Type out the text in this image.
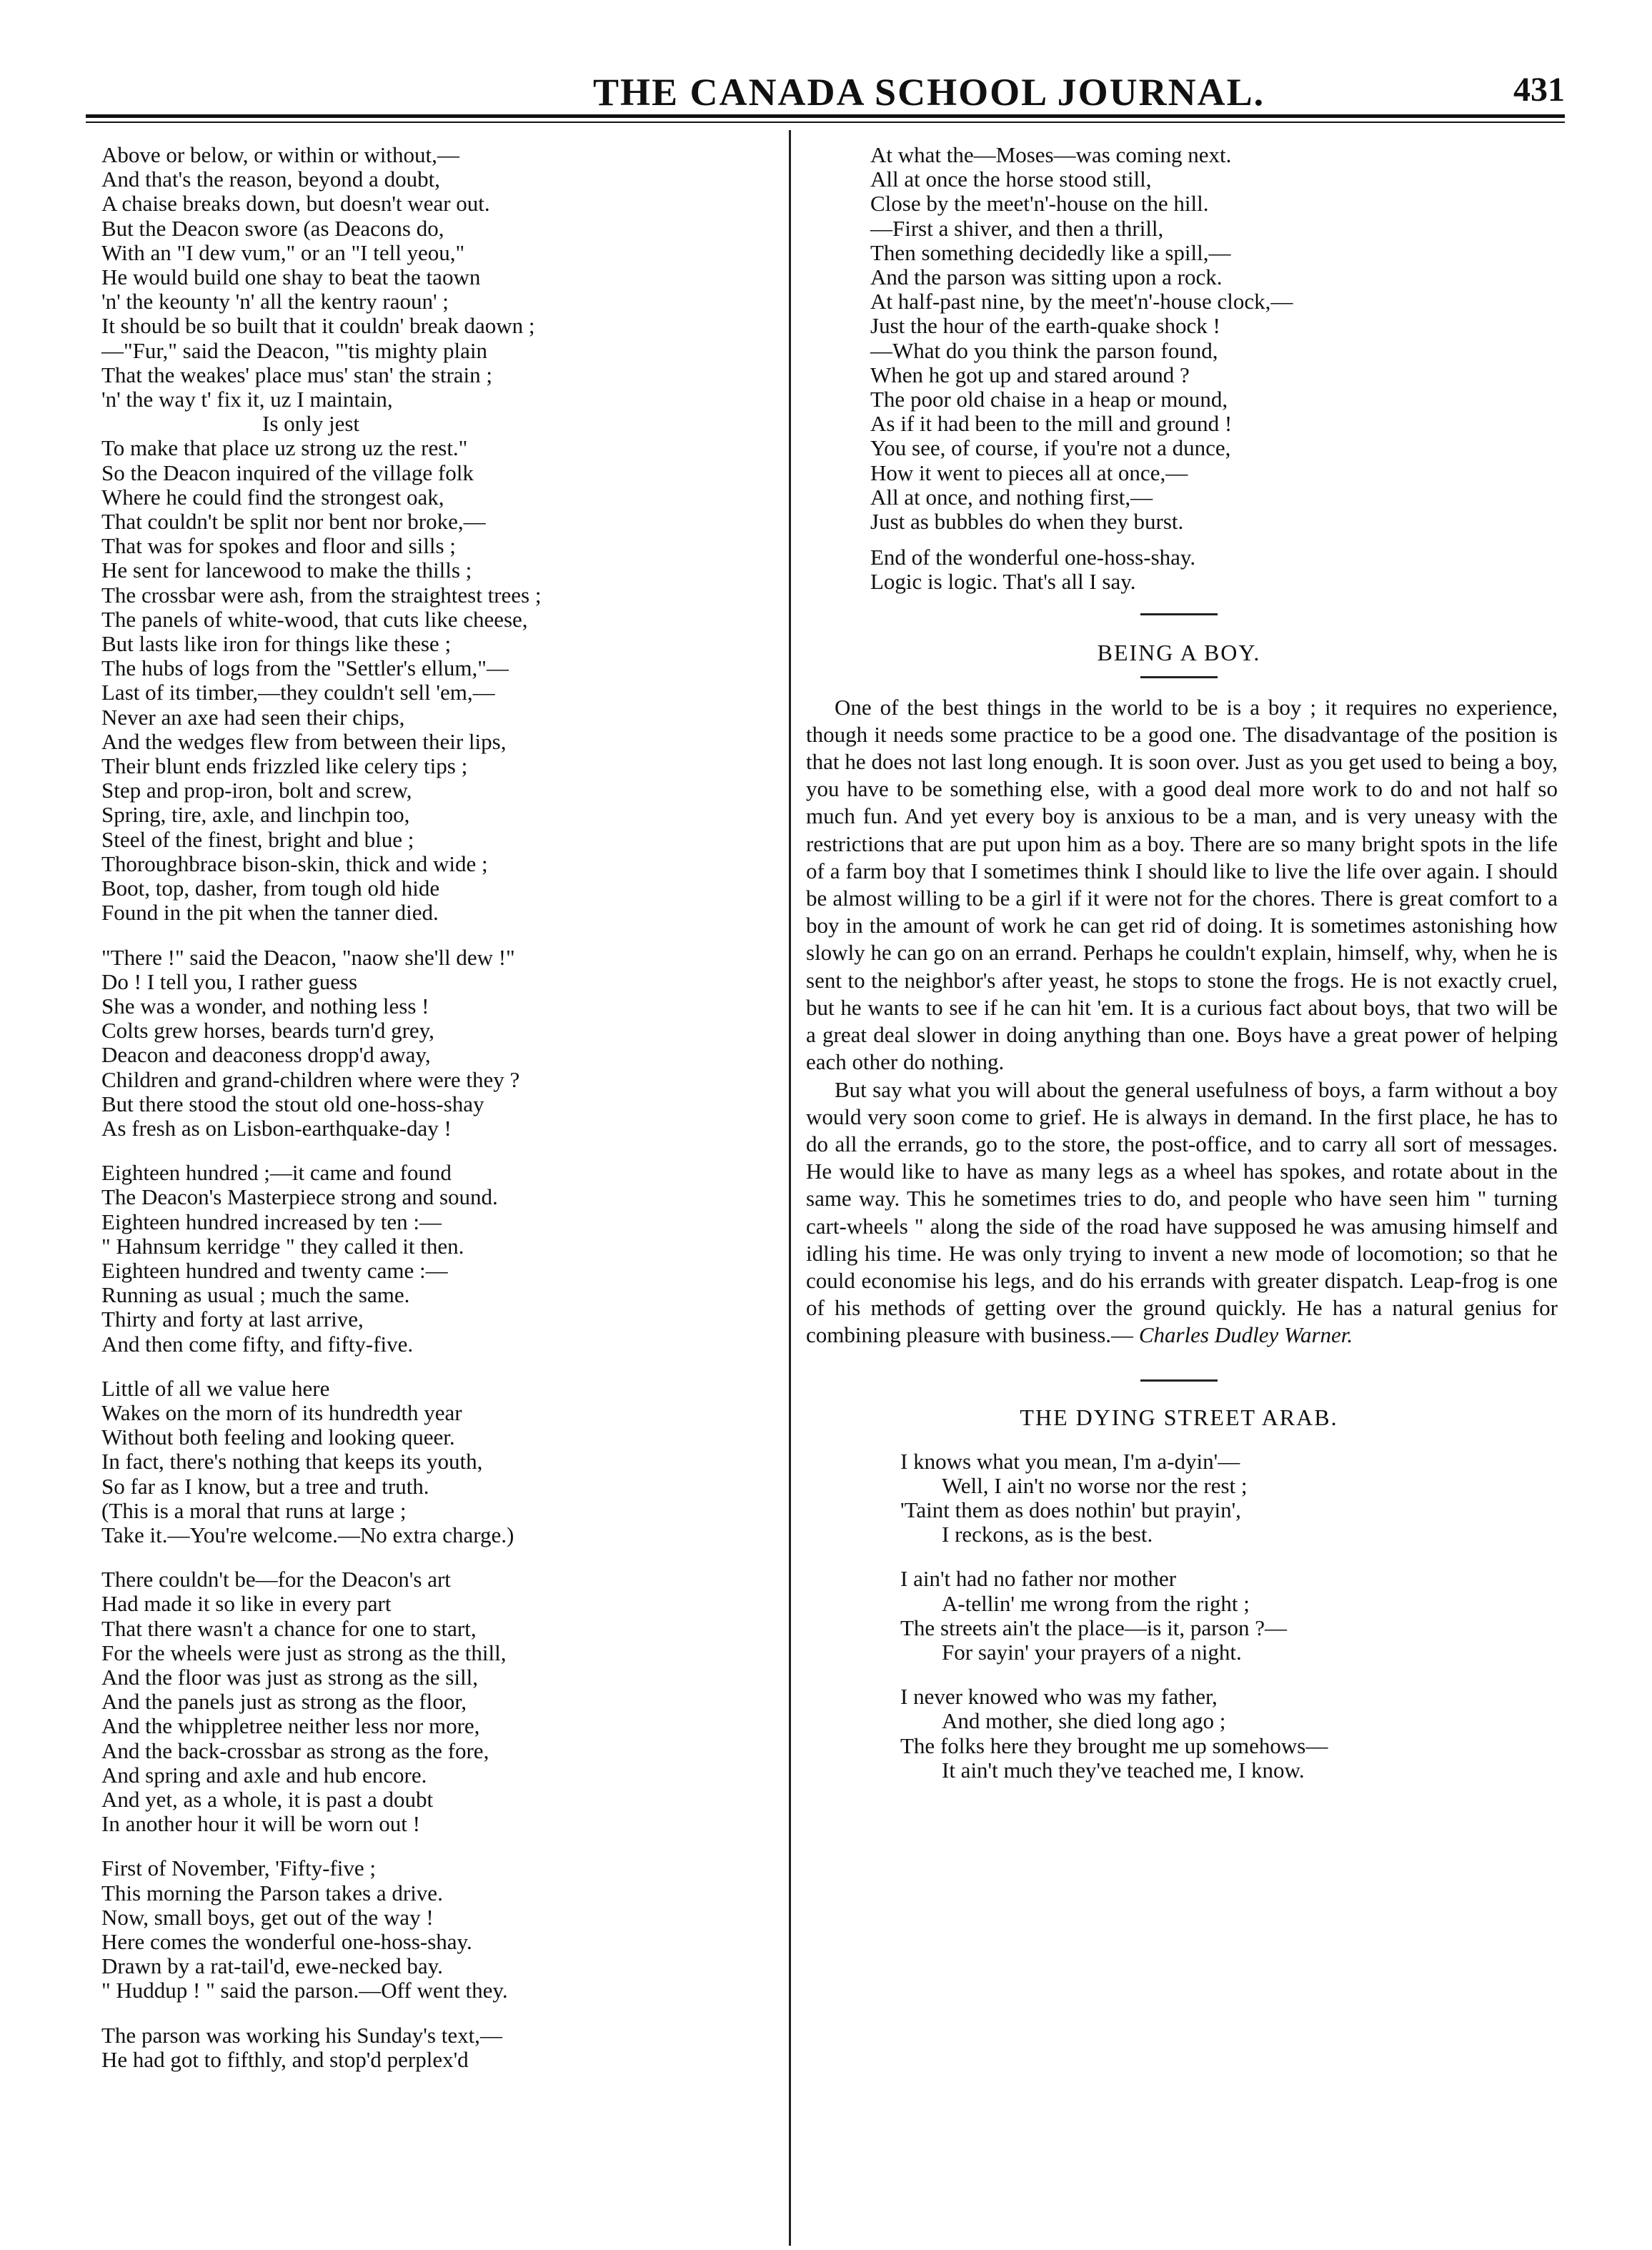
THE CANADA SCHOOL JOURNAL.	431
Above or below, or within or without,—
And that's the reason, beyond a doubt,
A chaise breaks down, but doesn't wear out.
But the Deacon swore (as Deacons do,
With an "I dew vum," or an "I tell yeou,"
He would build one shay to beat the taown
'n' the keounty 'n' all the kentry raoun' ;
It should be so built that it couldn' break daown ;
—"Fur," said the Deacon, "'tis mighty plain
That the weakes' place mus' stan' the strain ;
'n' the way t' fix it, uz I maintain,
Is only jest
To make that place uz strong uz the rest."
So the Deacon inquired of the village folk
Where he could find the strongest oak,
That couldn't be split nor bent nor broke,—
That was for spokes and floor and sills ;
He sent for lancewood to make the thills ;
The crossbar were ash, from the straightest trees ;
The panels of white-wood, that cuts like cheese,
But lasts like iron for things like these ;
The hubs of logs from the "Settler's ellum,"—
Last of its timber,—they couldn't sell 'em,—
Never an axe had seen their chips,
And the wedges flew from between their lips,
Their blunt ends frizzled like celery tips ;
Step and prop-iron, bolt and screw,
Spring, tire, axle, and linchpin too,
Steel of the finest, bright and blue ;
Thoroughbrace bison-skin, thick and wide ;
Boot, top, dasher, from tough old hide
Found in the pit when the tanner died.
"There !" said the Deacon, "naow she'll dew !"
Do ! I tell you, I rather guess
She was a wonder, and nothing less !
Colts grew horses, beards turn'd grey,
Deacon and deaconess dropp'd away,
Children and grand-children where were they ?
But there stood the stout old one-hoss-shay
As fresh as on Lisbon-earthquake-day !
Eighteen hundred ;—it came and found
The Deacon's Masterpiece strong and sound.
Eighteen hundred increased by ten :—
" Hahnsum kerridge " they called it then.
Eighteen hundred and twenty came :—
Running as usual ; much the same.
Thirty and forty at last arrive,
And then come fifty, and fifty-five.
Little of all we value here
Wakes on the morn of its hundredth year
Without both feeling and looking queer.
In fact, there's nothing that keeps its youth,
So far as I know, but a tree and truth.
(This is a moral that runs at large ;
Take it.—You're welcome.—No extra charge.)
There couldn't be—for the Deacon's art
Had made it so like in every part
That there wasn't a chance for one to start,
For the wheels were just as strong as the thill,
And the floor was just as strong as the sill,
And the panels just as strong as the floor,
And the whippletree neither less nor more,
And the back-crossbar as strong as the fore,
And spring and axle and hub encore.
And yet, as a whole, it is past a doubt
In another hour it will be worn out !
First of November, 'Fifty-five ;
This morning the Parson takes a drive.
Now, small boys, get out of the way !
Here comes the wonderful one-hoss-shay.
Drawn by a rat-tail'd, ewe-necked bay.
" Huddup ! " said the parson.—Off went they.
The parson was working his Sunday's text,—
He had got to fifthly, and stop'd perplex'd
At what the—Moses—was coming next.
All at once the horse stood still,
Close by the meet'n'-house on the hill.
—First a shiver, and then a thrill,
Then something decidedly like a spill,—
And the parson was sitting upon a rock.
At half-past nine, by the meet'n'-house clock,—
Just the hour of the earth-quake shock !
—What do you think the parson found,
When he got up and stared around ?
The poor old chaise in a heap or mound,
As if it had been to the mill and ground !
You see, of course, if you're not a dunce,
How it went to pieces all at once,—
All at once, and nothing first,—
Just as bubbles do when they burst.
End of the wonderful one-hoss-shay.
Logic is logic. That's all I say.
BEING A BOY.

One of the best things in the world to be is a boy ; it requires no experience, though it needs some practice to be a good one. The disadvantage of the position is that he does not last long enough. It is soon over. Just as you get used to being a boy, you have to be something else, with a good deal more work to do and not half so much fun. And yet every boy is anxious to be a man, and is very uneasy with the restrictions that are put upon him as a boy. There are so many bright spots in the life of a farm boy that I sometimes think I should like to live the life over again. I should be almost willing to be a girl if it were not for the chores. There is great comfort to a boy in the amount of work he can get rid of doing. It is sometimes astonishing how slowly he can go on an errand. Perhaps he couldn't explain, himself, why, when he is sent to the neighbor's after yeast, he stops to stone the frogs. He is not exactly cruel, but he wants to see if he can hit 'em. It is a curious fact about boys, that two will be a great deal slower in doing anything than one. Boys have a great power of helping each other do nothing.

But say what you will about the general usefulness of boys, a farm without a boy would very soon come to grief. He is always in demand. In the first place, he has to do all the errands, go to the store, the post-office, and to carry all sort of messages. He would like to have as many legs as a wheel has spokes, and rotate about in the same way. This he sometimes tries to do, and people who have seen him " turning cart-wheels " along the side of the road have supposed he was amusing himself and idling his time. He was only trying to invent a new mode of locomotion; so that he could economise his legs, and do his errands with greater dispatch. Leap-frog is one of his methods of getting over the ground quickly. He has a natural genius for combining pleasure with business.— Charles Dudley Warner.

THE DYING STREET ARAB.
I knows what you mean, I'm a-dyin'—
Well, I ain't no worse nor the rest ;
'Taint them as does nothin' but prayin',
I reckons, as is the best.
I ain't had no father nor mother
A-tellin' me wrong from the right ;
The streets ain't the place—is it, parson ?—
For sayin' your prayers of a night.
I never knowed who was my father,
And mother, she died long ago ;
The folks here they brought me up somehows—
It ain't much they've teached me, I know.
